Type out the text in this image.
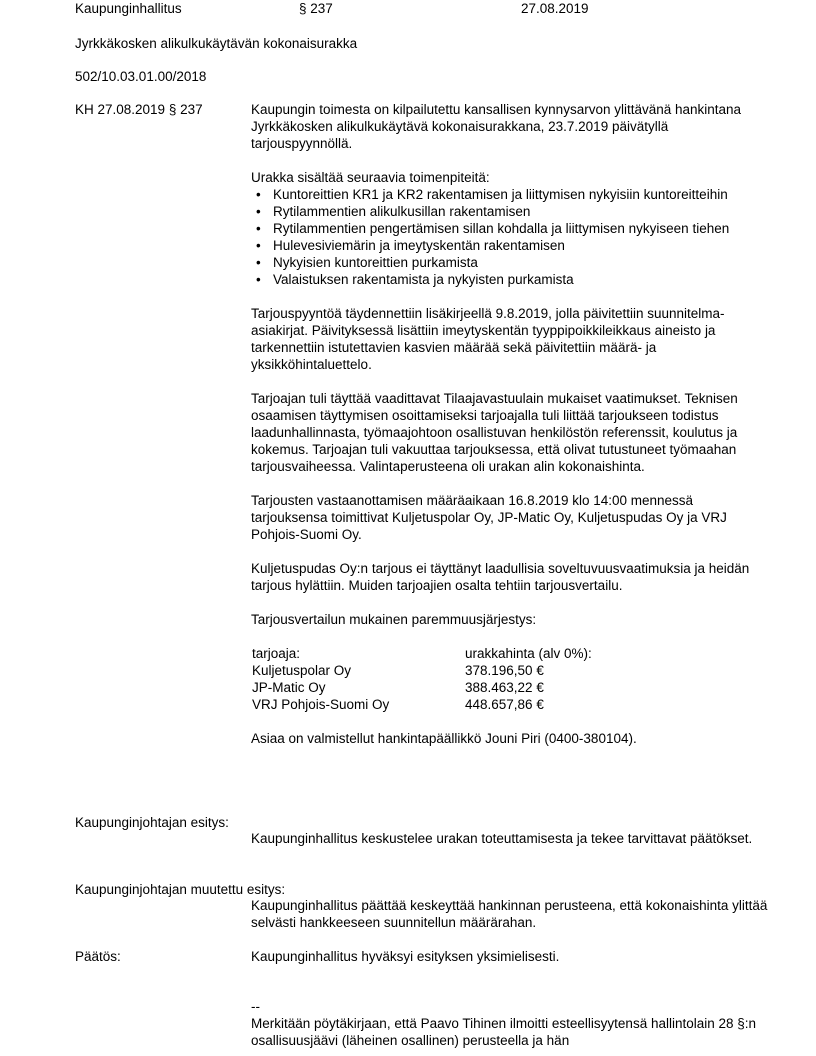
Kaupunginhallitus	§ 237	27.08.2019
Jyrkkäkosken alikulkukäytävän kokonaisurakka
502/10.03.01.00/2018
KH 27.08.2019 § 237	Kaupungin toimesta on kilpailutettu kansallisen kynnysarvon ylittävänä hankintana Jyrkkäkosken alikulkukäytävä kokonaisurakkana, 23.7.2019 päivätyllä tarjouspyynnöllä.

Urakka sisältää seuraavia toimenpiteitä:

• Kuntoreittien KR1 ja KR2 rakentamisen ja liittymisen nykyisiin kuntoreitteihin
• Rytilammentien alikulkusillan rakentamisen
• Rytilammentien pengertämisen sillan kohdalla ja liittymisen nykyiseen tiehen
• Hulevesiviemärin ja imeytyskentän rakentamisen
• Nykyisien kuntoreittien purkamista
• Valaistuksen rakentamista ja nykyisten purkamista

Tarjouspyyntöä täydennettiin lisäkirjeellä 9.8.2019, jolla päivitettiin suunnitelma-asiakirjat. Päivityksessä lisättiin imeytyskentän tyyppipoikkileikkaus aineisto ja tarkennettiin istutettavien kasvien määrää sekä päivitettiin määrä- ja yksikköhintaluettelo.

Tarjoajan tuli täyttää vaadittavat Tilaajavastuulain mukaiset vaatimukset. Teknisen osaamisen täyttymisen osoittamiseksi tarjoajalla tuli liittää tarjoukseen todistus laadunhallinnasta, työmaajohtoon osallistuvan henkilöstön referenssit, koulutus ja kokemus. Tarjoajan tuli vakuuttaa tarjouksessa, että olivat tutustuneet työmaahan tarjousvaiheessa. Valintaperusteena oli urakan alin kokonaishinta.

Tarjousten vastaanottamisen määräaikaan 16.8.2019 klo 14:00 mennessä tarjouksensa toimittivat Kuljetuspolar Oy, JP-Matic Oy, Kuljetuspudas Oy ja VRJ Pohjois-Suomi Oy.

Kuljetuspudas Oy:n tarjous ei täyttänyt laadullisia soveltuvuusvaatimuksia ja heidän tarjous hylättiin. Muiden tarjoajien osalta tehtiin tarjousvertailu.

Tarjousvertailun mukainen paremmuusjärjestys:

tarjoaja:	urakkahinta (alv 0%):
Kuljetuspolar Oy	378.196,50 €
JP-Matic Oy	388.463,22 €
VRJ Pohjois-Suomi Oy	448.657,86 €

Asiaa on valmistellut hankintapäällikkö Jouni Piri (0400-380104).

Kaupunginjohtajan esitys:
Kaupunginhallitus keskustelee urakan toteuttamisesta ja tekee tarvittavat päätökset.
Kaupunginjohtajan muutettu esitys:
Kaupunginhallitus päättää keskeyttää hankinnan perusteena, että kokonaishinta ylittää selvästi hankkeeseen suunnitellun määrärahan.
Päätös:	Kaupunginhallitus hyväksyi esityksen yksimielisesti.

--

Merkitään pöytäkirjaan, että Paavo Tihinen ilmoitti esteellisyytensä hallintolain 28 §:n osallisuusjäävi (läheinen osallinen) perusteella ja hän
